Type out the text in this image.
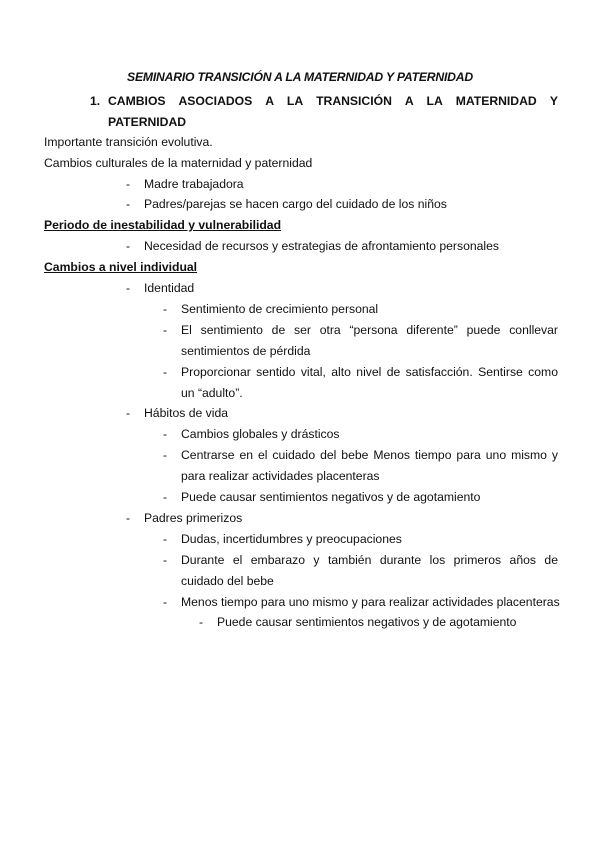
SEMINARIO TRANSICIÓN A LA MATERNIDAD Y PATERNIDAD
1. CAMBIOS ASOCIADOS A LA TRANSICIÓN A LA MATERNIDAD Y PATERNIDAD
Importante transición evolutiva.
Cambios culturales de la maternidad y paternidad
- Madre trabajadora
- Padres/parejas se hacen cargo del cuidado de los niños
Periodo de inestabilidad y vulnerabilidad
- Necesidad de recursos y estrategias de afrontamiento personales
Cambios a nivel individual
- Identidad
- Sentimiento de crecimiento personal
- El sentimiento de ser otra “persona diferente” puede conllevar sentimientos de pérdida
- Proporcionar sentido vital, alto nivel de satisfacción. Sentirse como un “adulto”.
- Hábitos de vida
- Cambios globales y drásticos
- Centrarse en el cuidado del bebe Menos tiempo para uno mismo y para realizar actividades placenteras
- Puede causar sentimientos negativos y de agotamiento
- Padres primerizos
- Dudas, incertidumbres y preocupaciones
- Durante el embarazo y también durante los primeros años de cuidado del bebe
- Menos tiempo para uno mismo y para realizar actividades placenteras
- Puede causar sentimientos negativos y de agotamiento
